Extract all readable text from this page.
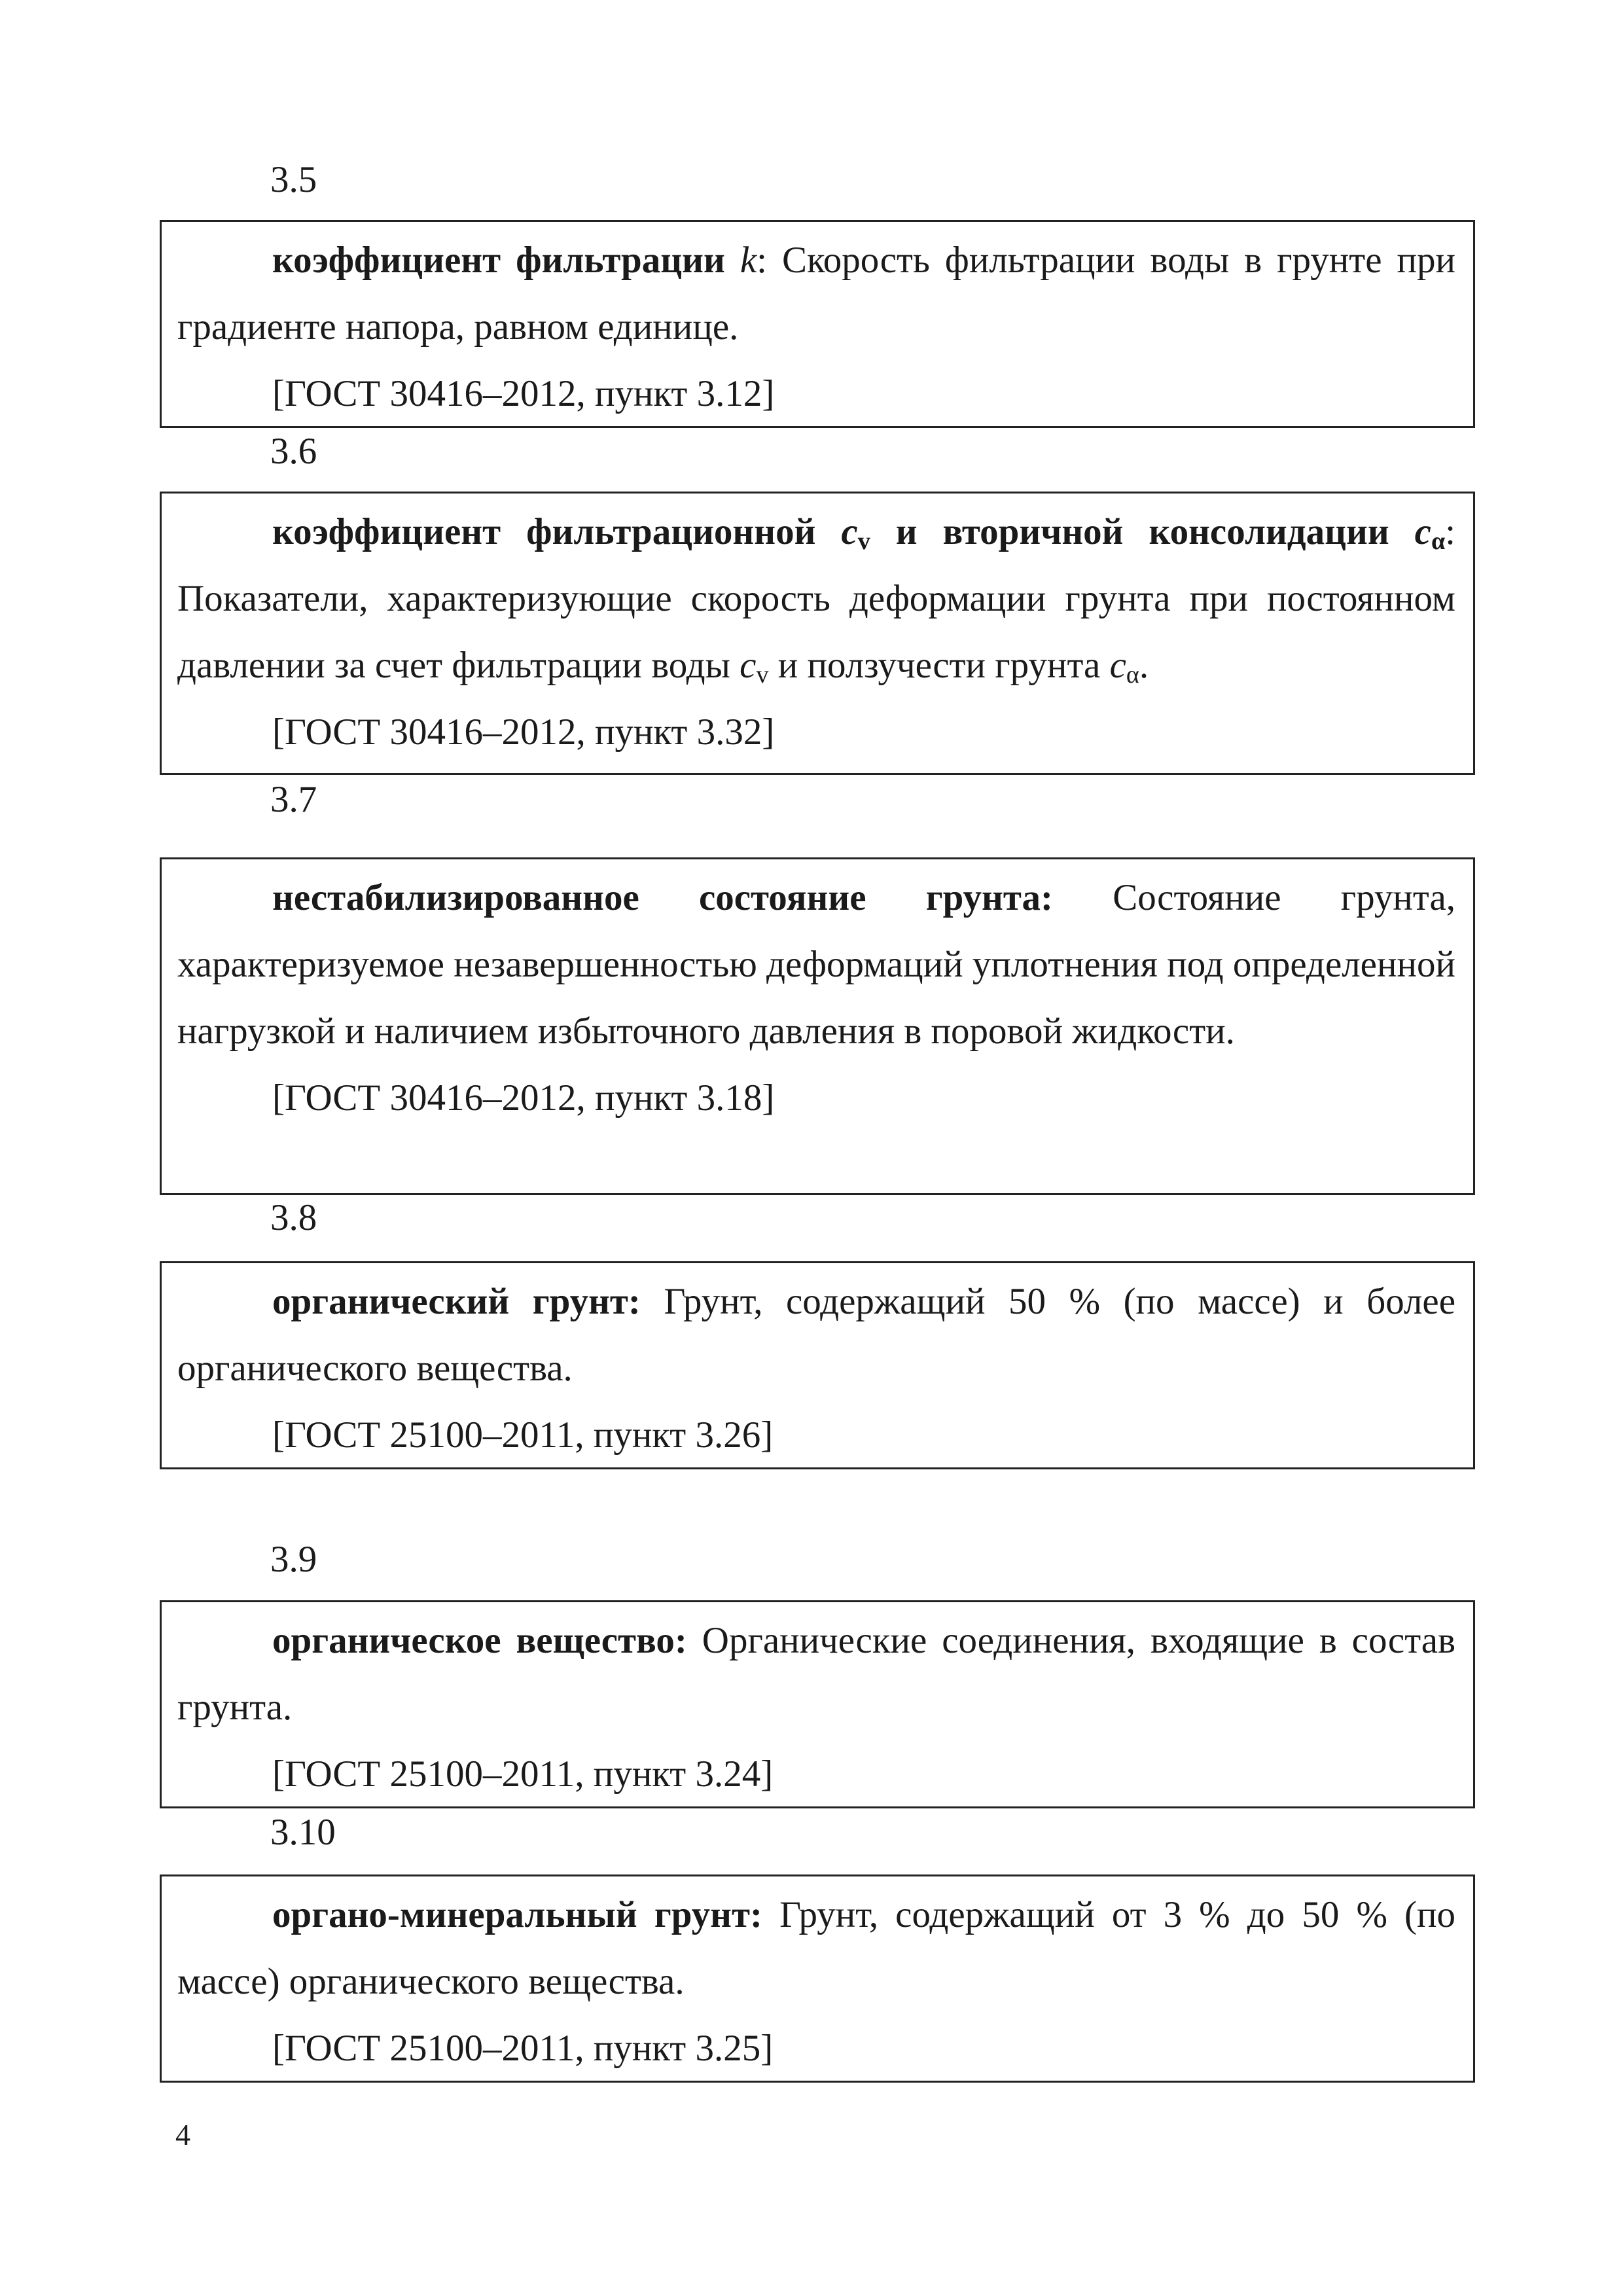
3.5

коэффициент фильтрации k: Скорость фильтрации воды в грунте при градиенте напора, равном единице.

[ГОСТ 30416–2012, пункт 3.12]

3.6

коэффициент фильтрационной $c_v$ и вторичной консолидации $c_\alpha$: Показатели, характеризующие скорость деформации грунта при постоянном давлении за счет фильтрации воды $c_v$ и ползучести грунта $c_\alpha$.

[ГОСТ 30416–2012, пункт 3.32]

3.7

нестабилизированное состояние грунта: Состояние грунта, характеризуемое незавершенностью деформаций уплотнения под определенной нагрузкой и наличием избыточного давления в поровой жидкости.

[ГОСТ 30416–2012, пункт 3.18]

3.8

органический грунт: Грунт, содержащий 50 % (по массе) и более органического вещества.

[ГОСТ 25100–2011, пункт 3.26]

3.9

органическое вещество: Органические соединения, входящие в состав грунта.

[ГОСТ 25100–2011, пункт 3.24]

3.10

органо-минеральный грунт: Грунт, содержащий от 3 % до 50 % (по массе) органического вещества.

[ГОСТ 25100–2011, пункт 3.25]

4
